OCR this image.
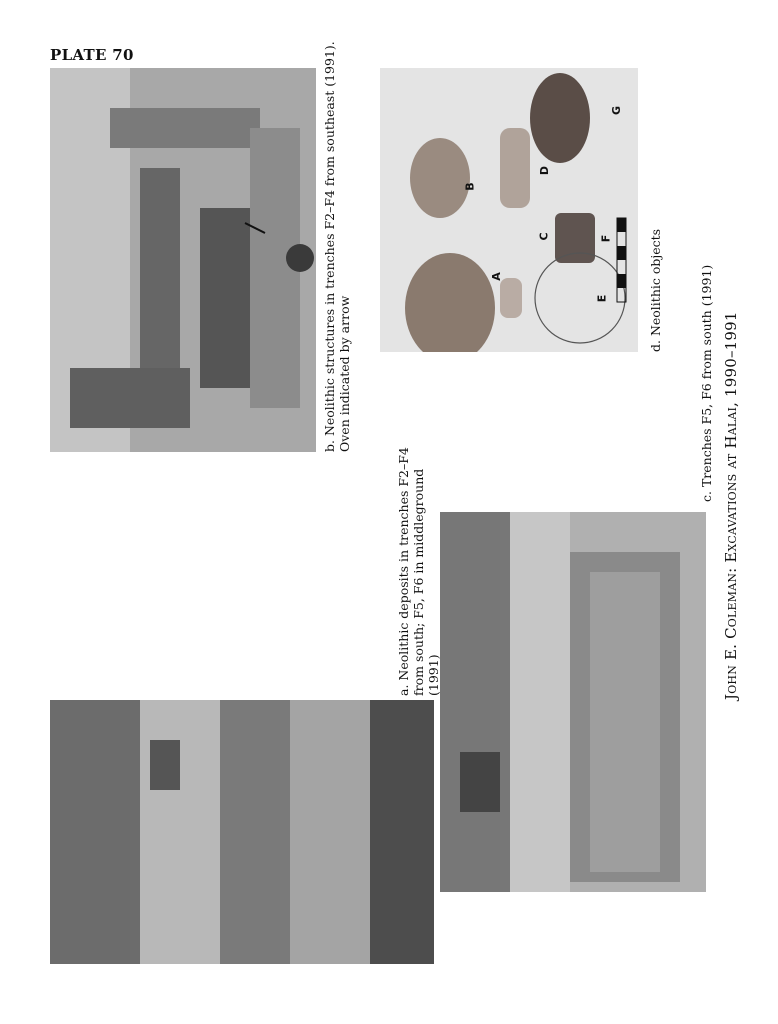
PLATE 70
A
B
C
D
E
F
G
b. Neolithic structures in trenches F2–F4 from southeast (1991). Oven indicated by arrow
d. Neolithic objects
a. Neolithic deposits in trenches F2–F4 from south; F5, F6 in middleground (1991)
c. Trenches F5, F6 from south (1991)
John E. Coleman: Excavations at Halai, 1990–1991
